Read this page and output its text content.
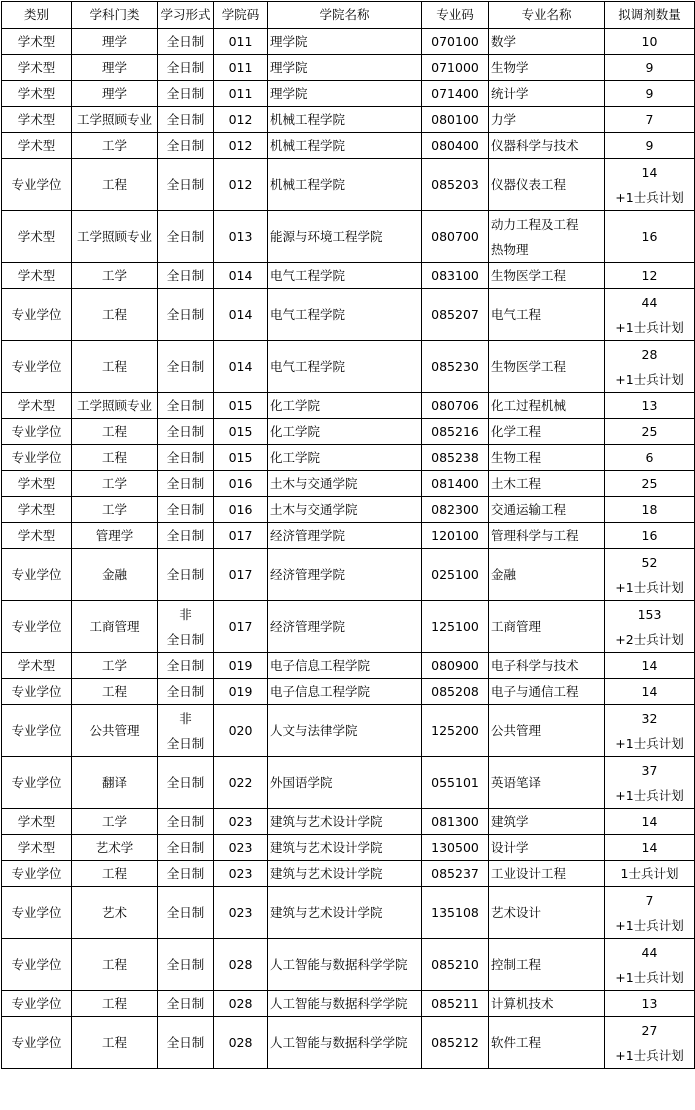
类别	学科门类	学习形式	学院码	学院名称	专业码	专业名称	拟调剂数量
学术型	理学	全日制	011	理学院	070100	数学	10

学术型	理学	全日制	011	理学院	071000	生物学	9

学术型	理学	全日制	011	理学院	071400	统计学	9

学术型	工学照顾专业	全日制	012	机械工程学院	080100	力学	7

学术型	工学	全日制	012	机械工程学院	080400	仪器科学与技术	9

专业学位	工程	全日制	012	机械工程学院	085203	仪器仪表工程	14
+1士兵计划

学术型	工学照顾专业	全日制	013	能源与环境工程学院	080700	动力工程及工程
热物理	16

学术型	工学	全日制	014	电气工程学院	083100	生物医学工程	12

专业学位	工程	全日制	014	电气工程学院	085207	电气工程	44
+1士兵计划

专业学位	工程	全日制	014	电气工程学院	085230	生物医学工程	28
+1士兵计划

学术型	工学照顾专业	全日制	015	化工学院	080706	化工过程机械	13

专业学位	工程	全日制	015	化工学院	085216	化学工程	25

专业学位	工程	全日制	015	化工学院	085238	生物工程	6

学术型	工学	全日制	016	土木与交通学院	081400	土木工程	25

学术型	工学	全日制	016	土木与交通学院	082300	交通运输工程	18

学术型	管理学	全日制	017	经济管理学院	120100	管理科学与工程	16

专业学位	金融	全日制	017	经济管理学院	025100	金融	52
+1士兵计划

专业学位	工商管理	非
全日制	017	经济管理学院	125100	工商管理	153
+2士兵计划

学术型	工学	全日制	019	电子信息工程学院	080900	电子科学与技术	14

专业学位	工程	全日制	019	电子信息工程学院	085208	电子与通信工程	14

专业学位	公共管理	非
全日制	020	人文与法律学院	125200	公共管理	32
+1士兵计划

专业学位	翻译	全日制	022	外国语学院	055101	英语笔译	37
+1士兵计划

学术型	工学	全日制	023	建筑与艺术设计学院	081300	建筑学	14

学术型	艺术学	全日制	023	建筑与艺术设计学院	130500	设计学	14

专业学位	工程	全日制	023	建筑与艺术设计学院	085237	工业设计工程	1士兵计划

专业学位	艺术	全日制	023	建筑与艺术设计学院	135108	艺术设计	7
+1士兵计划

专业学位	工程	全日制	028	人工智能与数据科学学院	085210	控制工程	44
+1士兵计划

专业学位	工程	全日制	028	人工智能与数据科学学院	085211	计算机技术	13

专业学位	工程	全日制	028	人工智能与数据科学学院	085212	软件工程	27
+1士兵计划
